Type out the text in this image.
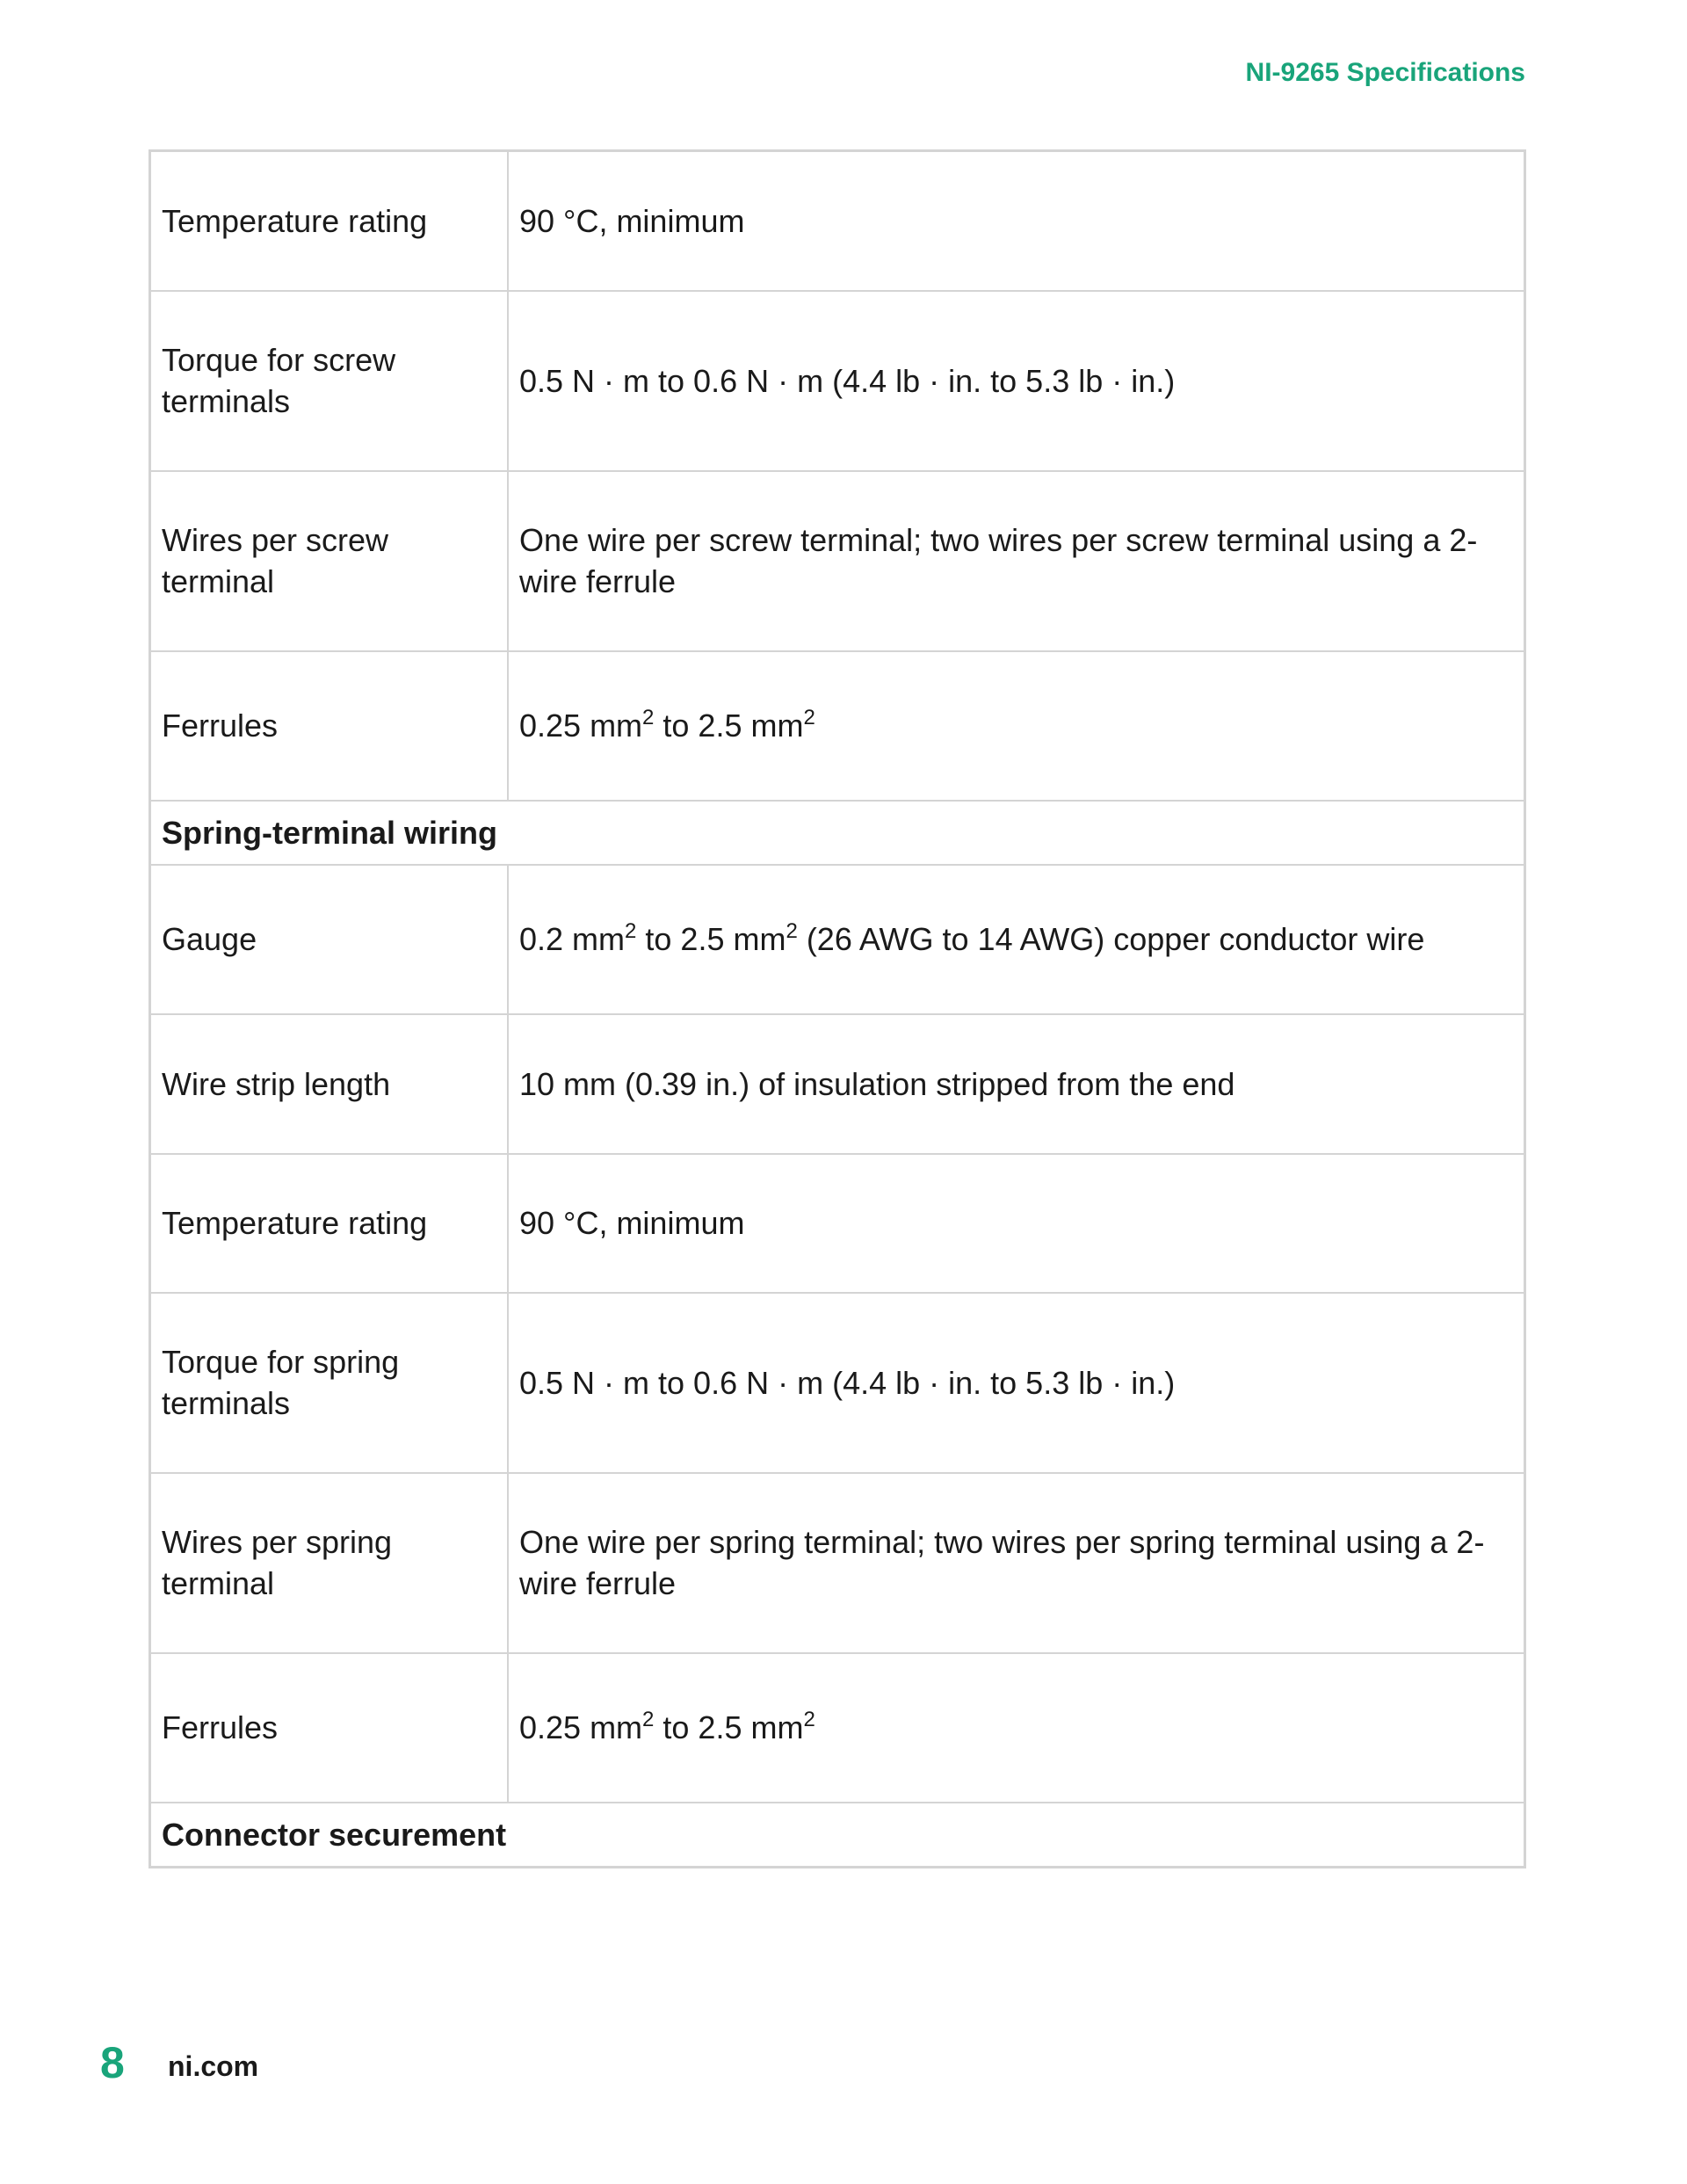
NI-9265 Specifications
Temperature rating	90 °C, minimum
Torque for screw terminals	0.5 N · m to 0.6 N · m (4.4 lb · in. to 5.3 lb · in.)
Wires per screw terminal	One wire per screw terminal; two wires per screw terminal using a 2-wire ferrule
Ferrules	0.25 $mm^2$ to 2.5 $mm^2$
Spring-terminal wiring	
Gauge	0.2 $mm^2$ to 2.5 $mm^2$ (26 AWG to 14 AWG) copper conductor wire
Wire strip length	10 mm (0.39 in.) of insulation stripped from the end
Temperature rating	90 °C, minimum
Torque for spring terminals	0.5 N · m to 0.6 N · m (4.4 lb · in. to 5.3 lb · in.)
Wires per spring terminal	One wire per spring terminal; two wires per spring terminal using a 2-wire ferrule
Ferrules	0.25 $mm^2$ to 2.5 $mm^2$
Connector securement	
8 ni.com
